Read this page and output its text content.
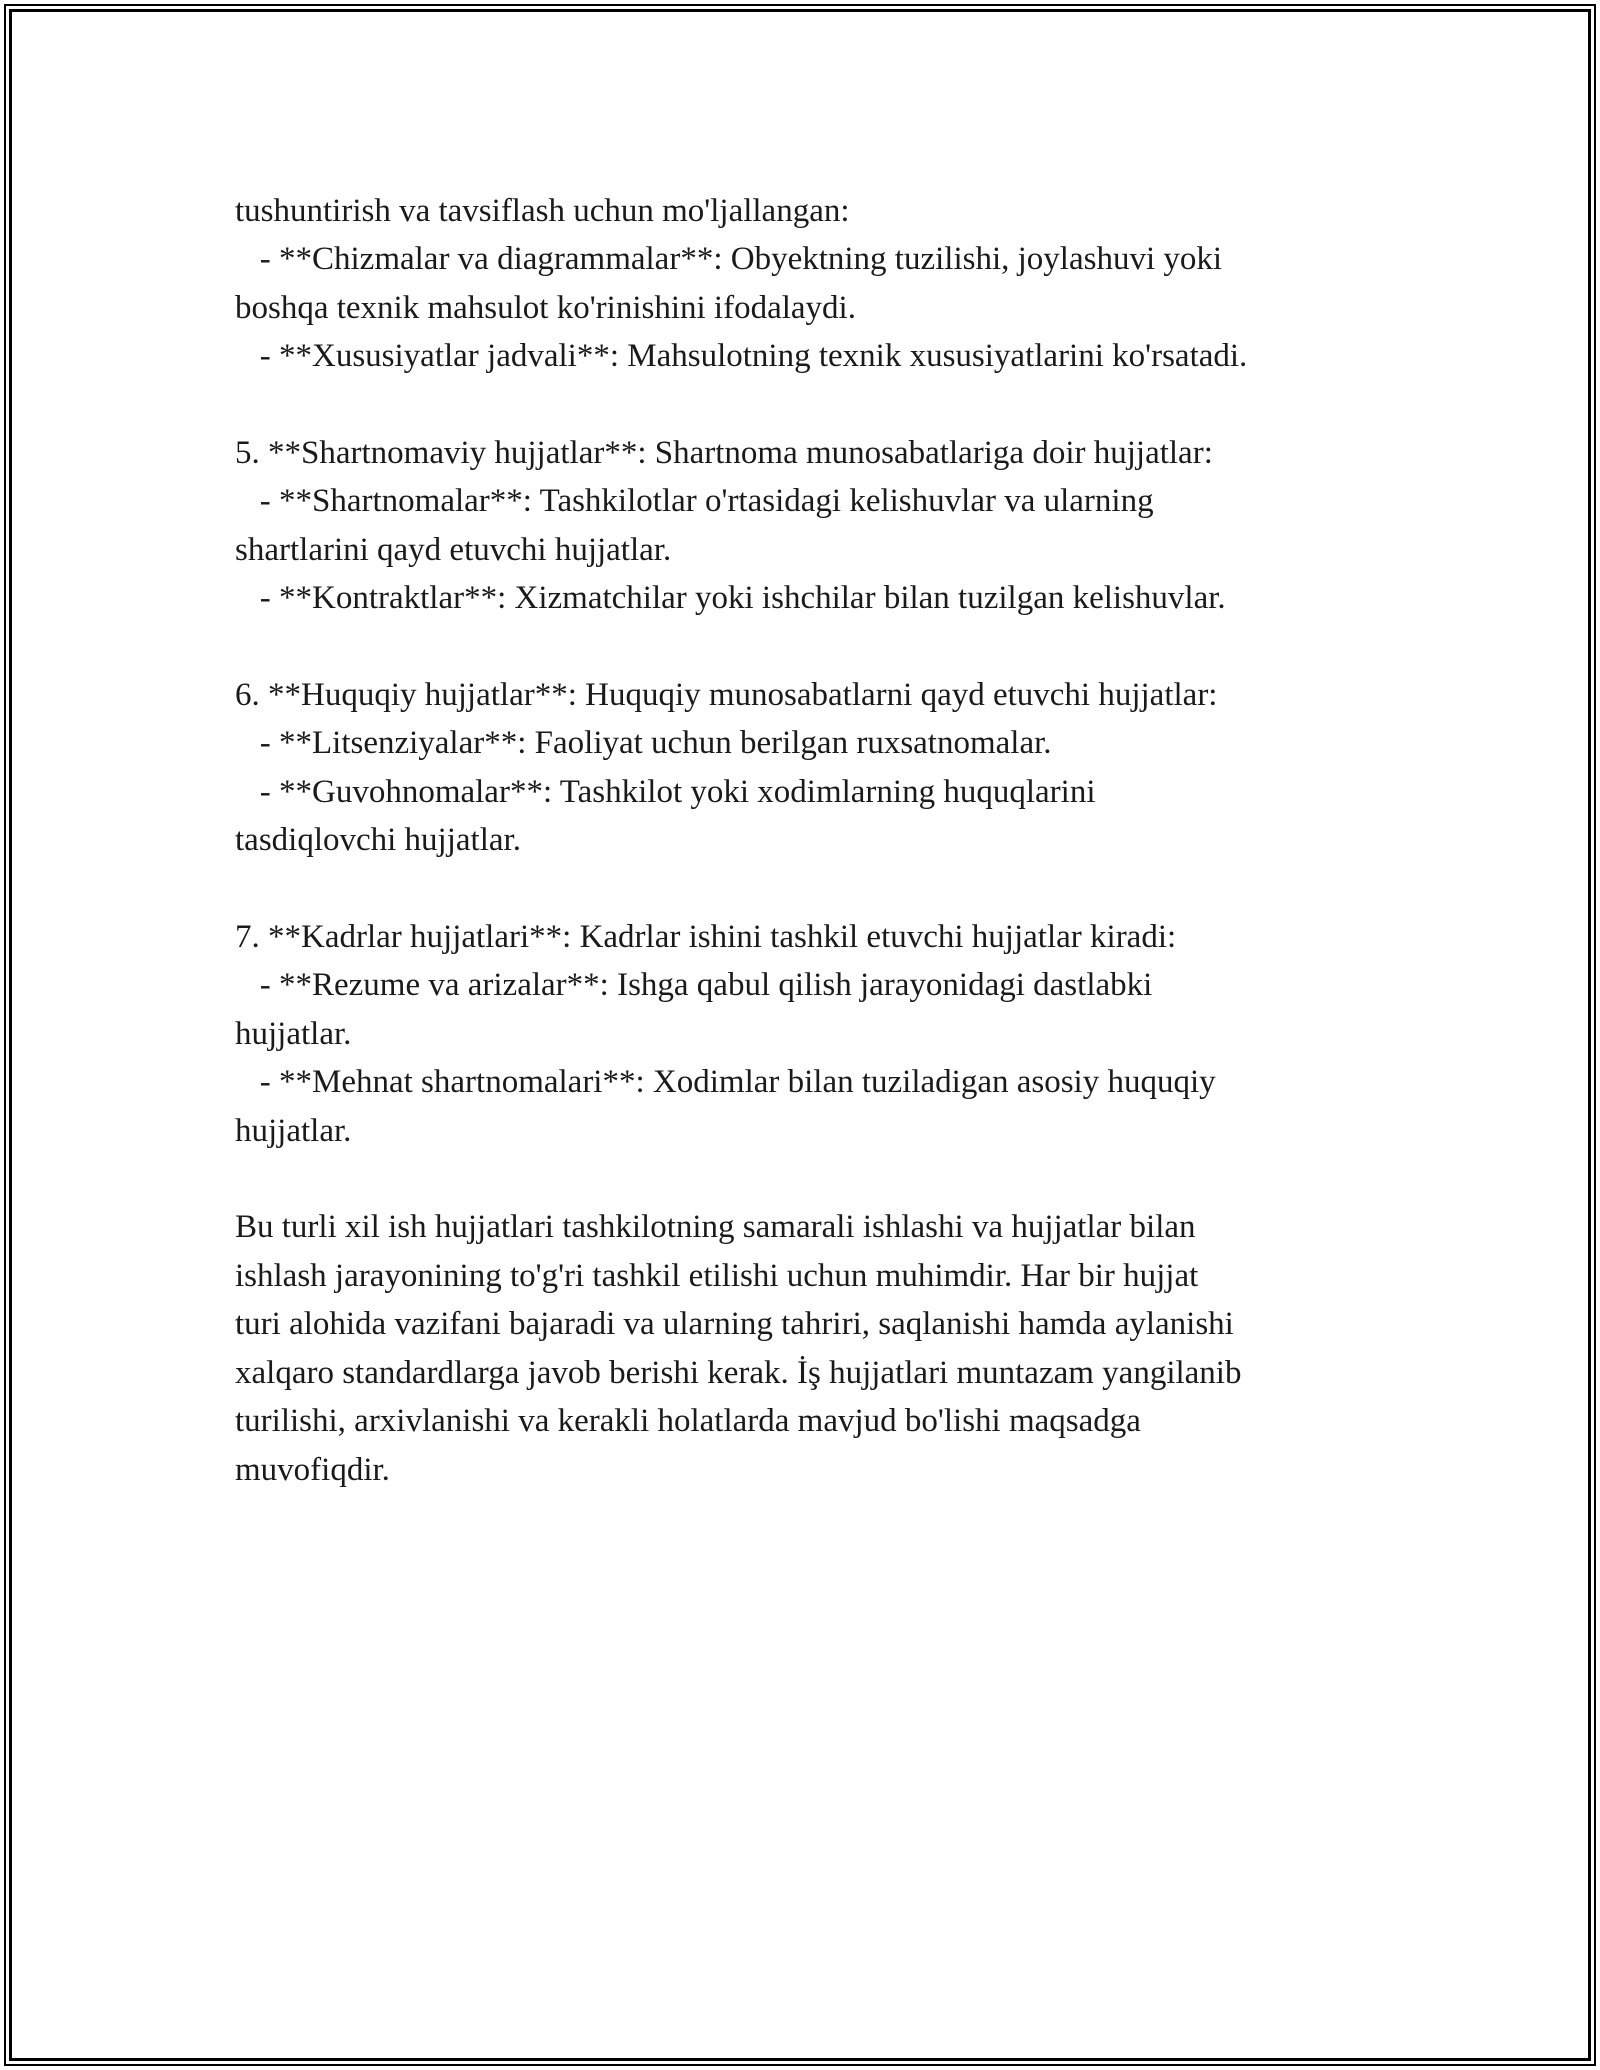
tushuntirish va tavsiflash uchun mo'ljallangan:
- **Chizmalar va diagrammalar**: Obyektning tuzilishi, joylashuvi yoki
boshqa texnik mahsulot ko'rinishini ifodalaydi.
- **Xususiyatlar jadvali**: Mahsulotning texnik xususiyatlarini ko'rsatadi.
5. **Shartnomaviy hujjatlar**: Shartnoma munosabatlariga doir hujjatlar:
- **Shartnomalar**: Tashkilotlar o'rtasidagi kelishuvlar va ularning
shartlarini qayd etuvchi hujjatlar.
- **Kontraktlar**: Xizmatchilar yoki ishchilar bilan tuzilgan kelishuvlar.
6. **Huquqiy hujjatlar**: Huquqiy munosabatlarni qayd etuvchi hujjatlar:
- **Litsenziyalar**: Faoliyat uchun berilgan ruxsatnomalar.
- **Guvohnomalar**: Tashkilot yoki xodimlarning huquqlarini
tasdiqlovchi hujjatlar.
7. **Kadrlar hujjatlari**: Kadrlar ishini tashkil etuvchi hujjatlar kiradi:
- **Rezume va arizalar**: Ishga qabul qilish jarayonidagi dastlabki
hujjatlar.
- **Mehnat shartnomalari**: Xodimlar bilan tuziladigan asosiy huquqiy
hujjatlar.
Bu turli xil ish hujjatlari tashkilotning samarali ishlashi va hujjatlar bilan
ishlash jarayonining to'g'ri tashkil etilishi uchun muhimdir. Har bir hujjat
turi alohida vazifani bajaradi va ularning tahriri, saqlanishi hamda aylanishi
xalqaro standardlarga javob berishi kerak. İş hujjatlari muntazam yangilanib
turilishi, arxivlanishi va kerakli holatlarda mavjud bo'lishi maqsadga
muvofiqdir.
